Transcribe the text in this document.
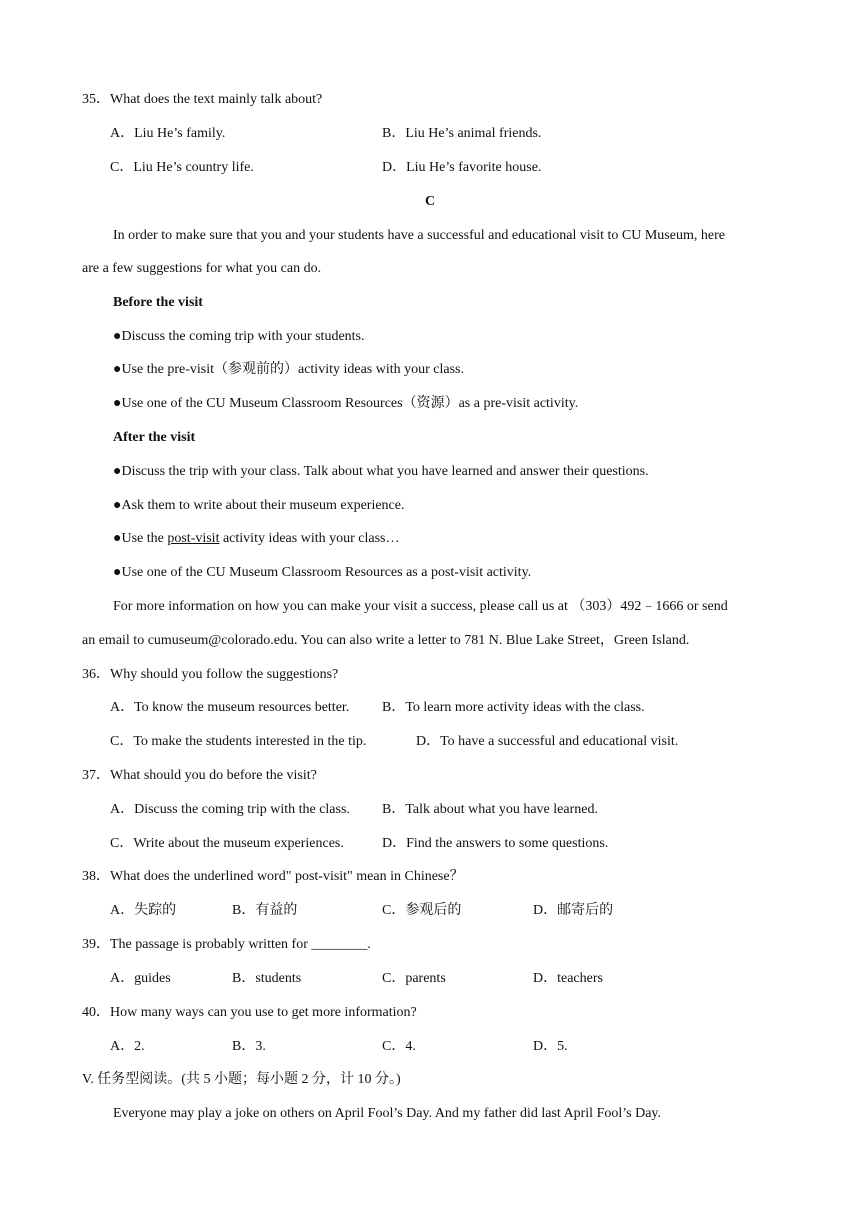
35．What does the text mainly talk about?
A．Liu He’s family.	B．Liu He’s animal friends.
C．Liu He’s country life.	D．Liu He’s favorite house.
C
In order to make sure that you and your students have a successful and educational visit to CU Museum, here
are a few suggestions for what you can do.
Before the visit
●Discuss the coming trip with your students.
●Use the pre-visit（参观前的）activity ideas with your class.
●Use one of the CU Museum Classroom Resources（资源）as a pre-visit activity.
After the visit
●Discuss the trip with your class. Talk about what you have learned and answer their questions.
●Ask them to write about their museum experience.
●Use the post-visit activity ideas with your class…
●Use one of the CU Museum Classroom Resources as a post-visit activity.
For more information on how you can make your visit a success, please call us at （303）492﹣1666 or send
an email to cumuseum@colorado.edu. You can also write a letter to 781 N. Blue Lake Street，Green Island.
36．Why should you follow the suggestions?
A．To know the museum resources better. B．To learn more activity ideas with the class.
C．To make the students interested in the tip.	D．To have a successful and educational visit.
37．What should you do before the visit?
A．Discuss the coming trip with the class. B．Talk about what you have learned.
C．Write about the museum experiences.	D．Find the answers to some questions.
38．What does the underlined word" post-visit" mean in Chinese？
A．失踪的	B．有益的	C．参观后的	D．邮寄后的
39．The passage is probably written for ________.
A．guides	B．students	C．parents	D．teachers
40．How many ways can you use to get more information?
A．2.	B．3.	C．4.	D．5.
V. 任务型阅读。(共 5 小题；每小题 2 分，计 10 分。)
Everyone may play a joke on others on April Fool’s Day. And my father did last April Fool’s Day.
